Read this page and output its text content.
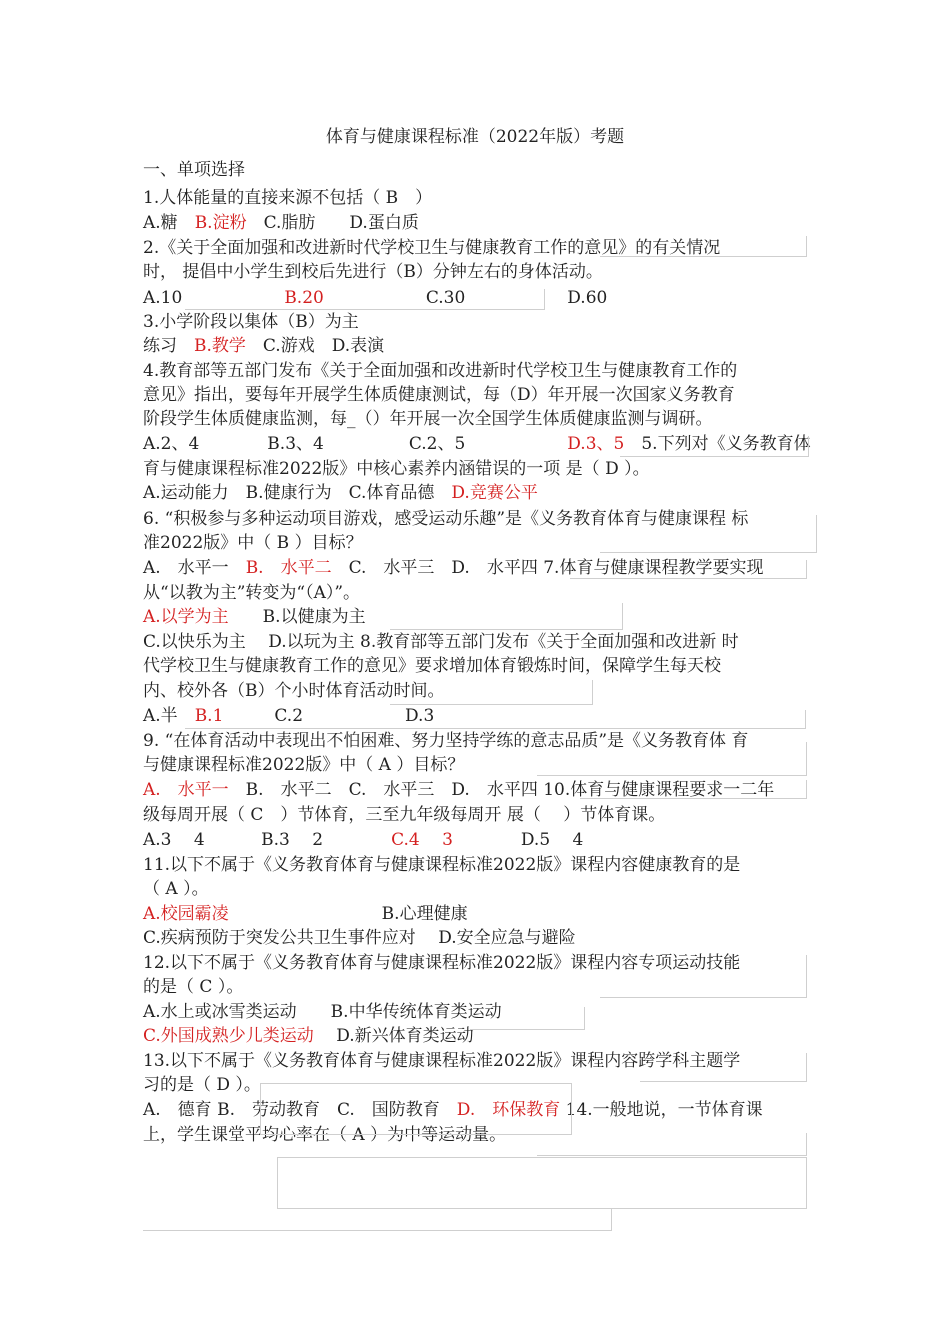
体育与健康课程标准（2022年版）考题
一、单项选择
1.人体能量的直接来源不包括（ B　）
A.糖　B.淀粉　C.脂肪　　D.蛋白质
2.《关于全面加强和改进新时代学校卫生与健康教育工作的意见》的有关情况
时， 提倡中小学生到校后先进行（B）分钟左右的身体活动。
A.10　　　　　　B.20　　　　　　C.30　　　　　　D.60
3.小学阶段以集体（B）为主
练习　B.教学　C.游戏　D.表演
4.教育部等五部门发布《关于全面加强和改进新时代学校卫生与健康教育工作的
意见》指出，要每年开展学生体质健康测试，每（D）年开展一次国家义务教育
阶段学生体质健康监测，每_（）年开展一次全国学生体质健康监测与调研。
A.2、4　　　　B.3、4　　　　　C.2、5　　　　　　D.3、5　5.下列对《义务教育体
育与健康课程标准2022版》中核心素养内涵错误的一项 是（ D ）。
A.运动能力　B.健康行为　C.体育品德　D.竞赛公平
6. “积极参与多种运动项目游戏，感受运动乐趣”是《义务教育体育与健康课程 标
准2022版》中（ B ）目标？
A.　水平一　B.　水平二　C.　水平三　D.　水平四 7.体育与健康课程教学要实现
从“以教为主”转变为“（A）”。
A.以学为主　　B.以健康为主
C.以快乐为主　 D.以玩为主 8.教育部等五部门发布《关于全面加强和改进新 时
代学校卫生与健康教育工作的意见》要求增加体育锻炼时间，保障学生每天校
内、校外各（B）个小时体育活动时间。
A.半　B.1　　　C.2　　　　　　D.3
9. “在体育活动中表现出不怕困难、努力坚持学练的意志品质”是《义务教育体 育
与健康课程标准2022版》中（ A ）目标？
A.　水平一　B.　水平二　C.　水平三　D.　水平四 10.体育与健康课程要求一二年
级每周开展（ C　）节体育，三至九年级每周开 展（　 ）节体育课。
A.3　 4　　　 B.3　 2　　　　C.4　 3　　　　D.5　 4
11.以下不属于《义务教育体育与健康课程标准2022版》课程内容健康教育的是
（ A ）。
A.校园霸凌　　　　　　　　　B.心理健康
C.疾病预防于突发公共卫生事件应对　 D.安全应急与避险
12.以下不属于《义务教育体育与健康课程标准2022版》课程内容专项运动技能
的是（ C ）。
A.水上或冰雪类运动　　B.中华传统体育类运动
C.外国成熟少儿类运动　 D.新兴体育类运动
13.以下不属于《义务教育体育与健康课程标准2022版》课程内容跨学科主题学
习的是（ D ）。
A.　德育 B.　劳动教育　C.　国防教育　D.　环保教育 14.一般地说，一节体育课
上，学生课堂平均心率在（ A ）为中等运动量。
